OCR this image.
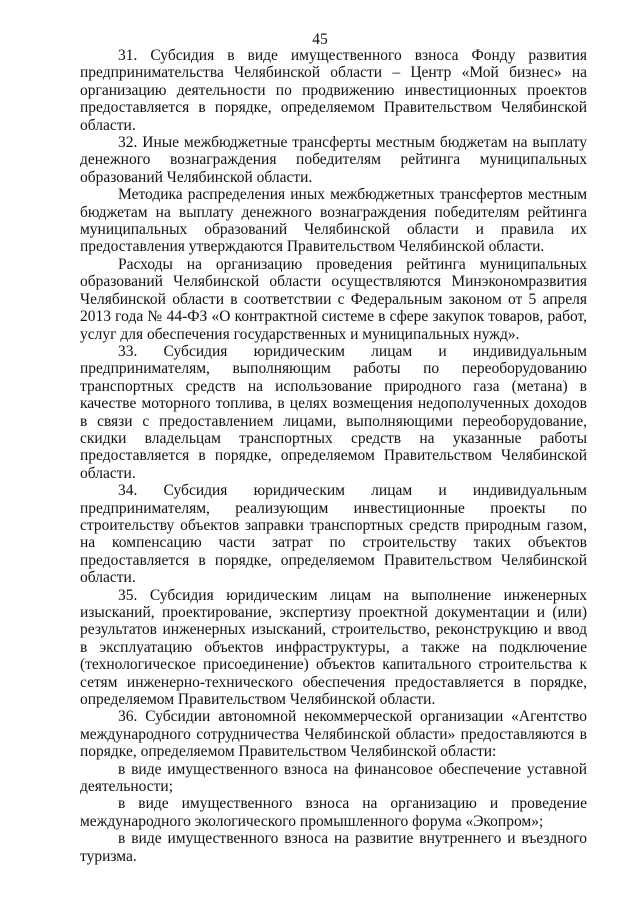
45

31. Субсидия в виде имущественного взноса Фонду развития предпринимательства Челябинской области – Центр «Мой бизнес» на организацию деятельности по продвижению инвестиционных проектов предоставляется в порядке, определяемом Правительством Челябинской области.

32. Иные межбюджетные трансферты местным бюджетам на выплату денежного вознаграждения победителям рейтинга муниципальных образований Челябинской области.

Методика распределения иных межбюджетных трансфертов местным бюджетам на выплату денежного вознаграждения победителям рейтинга муниципальных образований Челябинской области и правила их предоставления утверждаются Правительством Челябинской области.

Расходы на организацию проведения рейтинга муниципальных образований Челябинской области осуществляются Минэкономразвития Челябинской области в соответствии с Федеральным законом от 5 апреля 2013 года № 44-ФЗ «О контрактной системе в сфере закупок товаров, работ, услуг для обеспечения государственных и муниципальных нужд».

33. Субсидия юридическим лицам и индивидуальным предпринимателям, выполняющим работы по переоборудованию транспортных средств на использование природного газа (метана) в качестве моторного топлива, в целях возмещения недополученных доходов в связи с предоставлением лицами, выполняющими переоборудование, скидки владельцам транспортных средств на указанные работы предоставляется в порядке, определяемом Правительством Челябинской области.

34. Субсидия юридическим лицам и индивидуальным предпринимателям, реализующим инвестиционные проекты по строительству объектов заправки транспортных средств природным газом, на компенсацию части затрат по строительству таких объектов предоставляется в порядке, определяемом Правительством Челябинской области.

35. Субсидия юридическим лицам на выполнение инженерных изысканий, проектирование, экспертизу проектной документации и (или) результатов инженерных изысканий, строительство, реконструкцию и ввод в эксплуатацию объектов инфраструктуры, а также на подключение (технологическое присоединение) объектов капитального строительства к сетям инженерно-технического обеспечения предоставляется в порядке, определяемом Правительством Челябинской области.

36. Субсидии автономной некоммерческой организации «Агентство международного сотрудничества Челябинской области» предоставляются в порядке, определяемом Правительством Челябинской области:

в виде имущественного взноса на финансовое обеспечение уставной деятельности;

в виде имущественного взноса на организацию и проведение международного экологического промышленного форума «Экопром»;

в виде имущественного взноса на развитие внутреннего и въездного туризма.
